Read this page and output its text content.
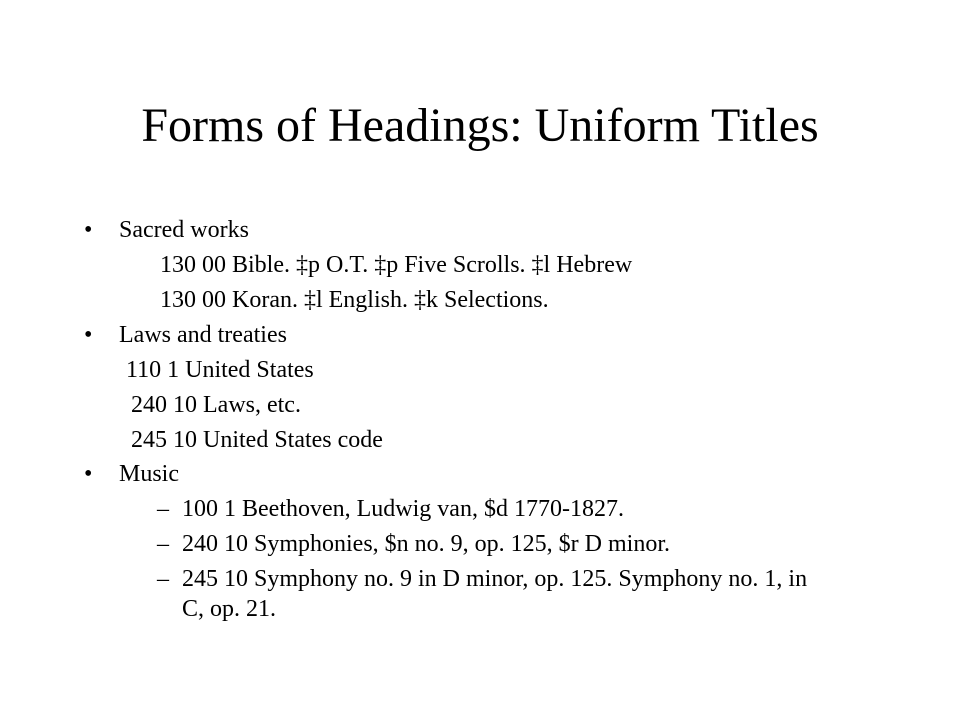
Forms of Headings: Uniform Titles
• Sacred works
130 00 Bible. ‡p O.T. ‡p Five Scrolls. ‡l Hebrew
130 00 Koran. ‡l English. ‡k Selections.
• Laws and treaties
110 1 United States
240 10 Laws, etc.
245 10 United States code
• Music
– 100 1 Beethoven, Ludwig van, $d 1770-1827.
– 240 10 Symphonies, $n no. 9, op. 125, $r D minor.
– 245 10 Symphony no. 9 in D minor, op. 125. Symphony no. 1, in
C, op. 21.
